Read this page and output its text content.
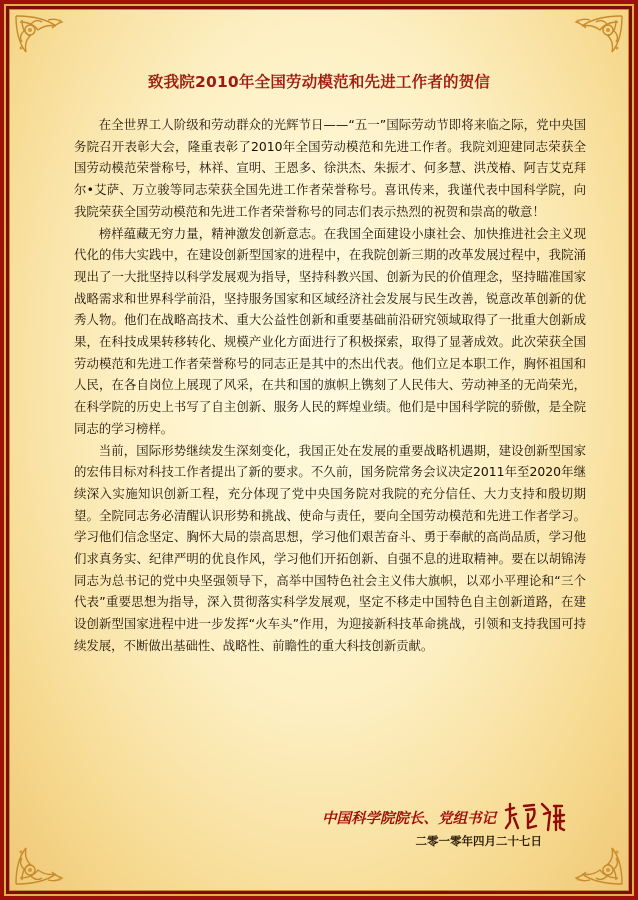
致我院2010年全国劳动模范和先进工作者的贺信

在全世界工人阶级和劳动群众的光辉节日——“五一”国际劳动节即将来临之际，党中央国务院召开表彰大会，隆重表彰了2010年全国劳动模范和先进工作者。我院刘迎建同志荣获全国劳动模范荣誉称号，林祥、宣明、王恩多、徐洪杰、朱振才、何多慧、洪茂椿、阿吉艾克拜尔•艾萨、万立骏等同志荣获全国先进工作者荣誉称号。喜讯传来，我谨代表中国科学院，向我院荣获全国劳动模范和先进工作者荣誉称号的同志们表示热烈的祝贺和崇高的敬意！

榜样蕴藏无穷力量，精神激发创新意志。在我国全面建设小康社会、加快推进社会主义现代化的伟大实践中，在建设创新型国家的进程中，在我院创新三期的改革发展过程中，我院涌现出了一大批坚持以科学发展观为指导，坚持科教兴国、创新为民的价值理念，坚持瞄准国家战略需求和世界科学前沿，坚持服务国家和区域经济社会发展与民生改善，锐意改革创新的优秀人物。他们在战略高技术、重大公益性创新和重要基础前沿研究领域取得了一批重大创新成果，在科技成果转移转化、规模产业化方面进行了积极探索，取得了显著成效。此次荣获全国劳动模范和先进工作者荣誉称号的同志正是其中的杰出代表。他们立足本职工作，胸怀祖国和人民，在各自岗位上展现了风采，在共和国的旗帜上镌刻了人民伟大、劳动神圣的无尚荣光，在科学院的历史上书写了自主创新、服务人民的辉煌业绩。他们是中国科学院的骄傲，是全院同志的学习榜样。

当前，国际形势继续发生深刻变化，我国正处在发展的重要战略机遇期，建设创新型国家的宏伟目标对科技工作者提出了新的要求。不久前，国务院常务会议决定2011年至2020年继续深入实施知识创新工程，充分体现了党中央国务院对我院的充分信任、大力支持和殷切期望。全院同志务必清醒认识形势和挑战、使命与责任，要向全国劳动模范和先进工作者学习。学习他们信念坚定、胸怀大局的崇高思想，学习他们艰苦奋斗、勇于奉献的高尚品质，学习他们求真务实、纪律严明的优良作风，学习他们开拓创新、自强不息的进取精神。要在以胡锦涛同志为总书记的党中央坚强领导下，高举中国特色社会主义伟大旗帜，以邓小平理论和“三个代表”重要思想为指导，深入贯彻落实科学发展观，坚定不移走中国特色自主创新道路，在建设创新型国家进程中进一步发挥“火车头”作用，为迎接新科技革命挑战，引领和支持我国可持续发展，不断做出基础性、战略性、前瞻性的重大科技创新贡献。

中国科学院院长、党组书记
二零一零年四月二十七日
